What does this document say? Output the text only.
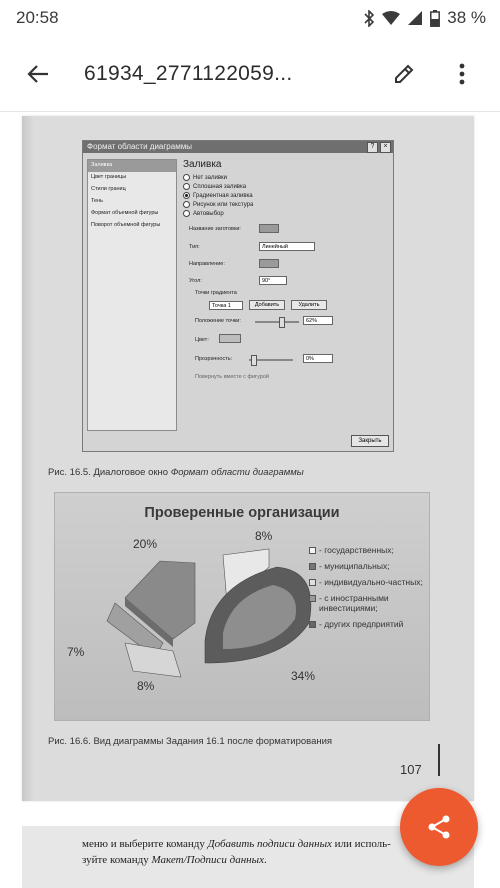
20:58	38 %
61934_2771122059...
Формат области диаграммы	?	×
Заливка
Цвет границы
Стили границ
Тень
Формат объемной фигуры
Поворот объемной фигуры
Заливка
Нет заливки
Сплошная заливка
Градиентная заливка
Рисунок или текстура
Автовыбор
Название заготовки:
Тип:	Линейный
Направление:
Угол:	90°
Точки градиента
Точка 1	Добавить	Удалить
Положение точки:	62%
Цвет:
Прозрачность:	0%
Повернуть вместе с фигурой
Закрыть
Рис. 16.5. Диалоговое окно Формат области диаграммы
Проверенные организации
20%
8%
7%
8%
34%
- государственных;
- муниципальных;
- индивидуально-частных;
- с иностранными инвестициями;
- других предприятий
Рис. 16.6. Вид диаграммы Задания 16.1 после форматирования
107
меню и выберите команду Добавить подписи данных или исполь-
зуйте команду Макет/Подписи данных.
